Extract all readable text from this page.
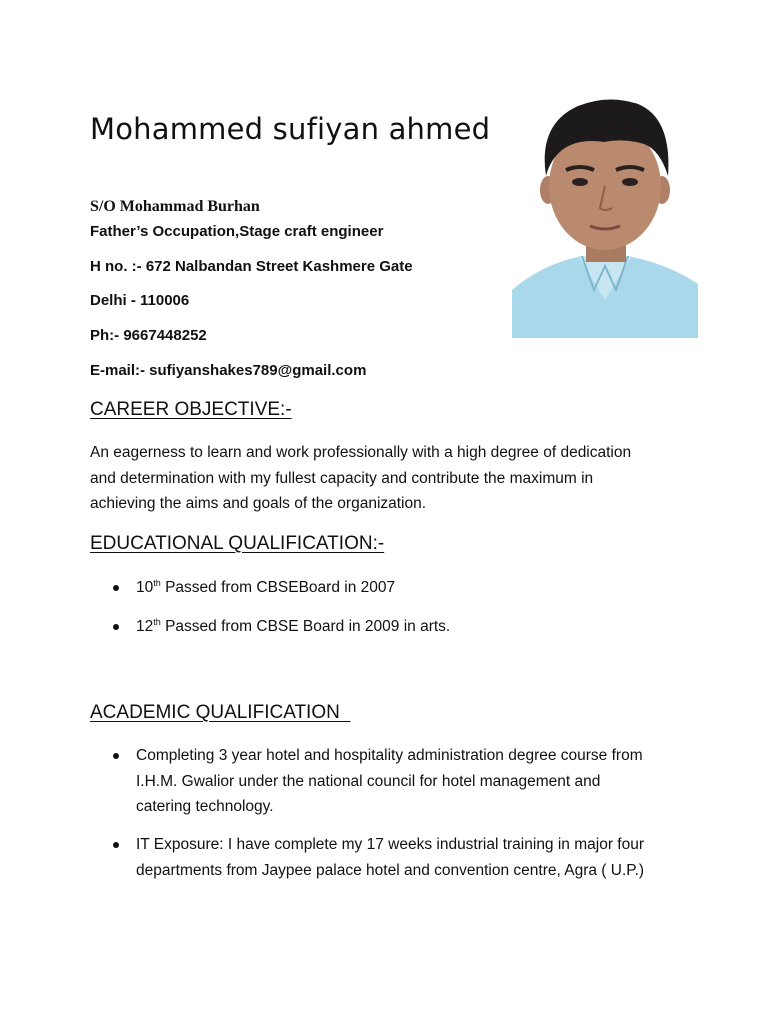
Mohammed sufiyan ahmed

S/O Mohammad Burhan

Father’s Occupation,Stage craft engineer

H no. :- 672 Nalbandan Street Kashmere Gate

Delhi - 110006

Ph:- 9667448252

E-mail:- sufiyanshakes789@gmail.com

CAREER OBJECTIVE:-
An eagerness to learn and work professionally with a high degree of dedication
and determination with my fullest capacity and contribute the maximum in
achieving the aims and goals of the organization.
EDUCATIONAL QUALIFICATION:-
10th Passed from CBSEBoard in 2007
12th Passed from CBSE Board in 2009 in arts.
ACADEMIC QUALIFICATION
Completing 3 year hotel and hospitality administration degree course from
I.H.M. Gwalior under the national council for hotel management and
catering technology.
IT Exposure: I have complete my 17 weeks industrial training in major four
departments from Jaypee palace hotel and convention centre, Agra ( U.P.)
